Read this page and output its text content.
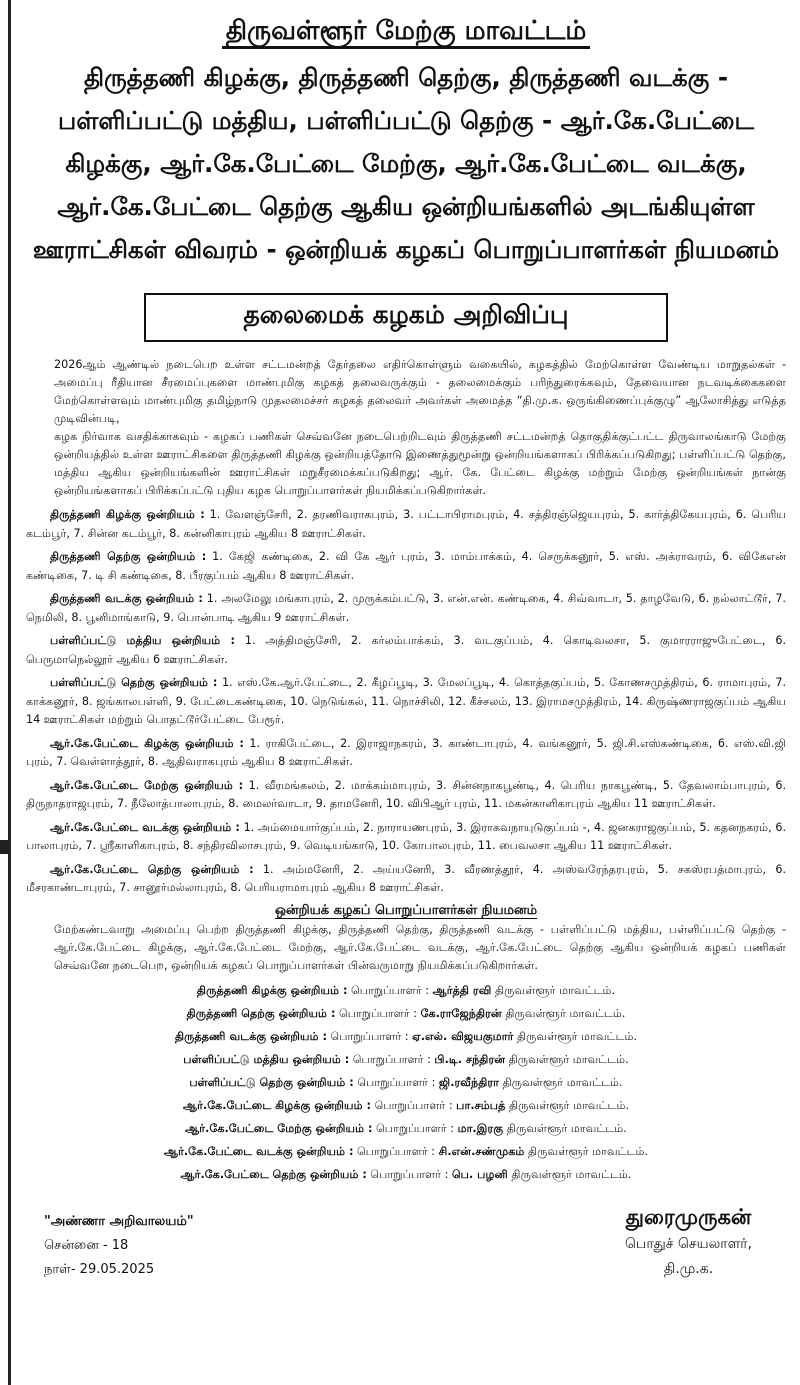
திருவள்ளூர் மேற்கு மாவட்டம்
திருத்தணி கிழக்கு, திருத்தணி தெற்கு, திருத்தணி வடக்கு -
பள்ளிப்பட்டு மத்திய, பள்ளிப்பட்டு தெற்கு - ஆர்.கே.பேட்டை
கிழக்கு, ஆர்.கே.பேட்டை மேற்கு, ஆர்.கே.பேட்டை வடக்கு,
ஆர்.கே.பேட்டை தெற்கு ஆகிய ஒன்றியங்களில் அடங்கியுள்ள
ஊராட்சிகள் விவரம் - ஒன்றியக் கழகப் பொறுப்பாளர்கள் நியமனம்
தலைமைக் கழகம் அறிவிப்பு
2026ஆம் ஆண்டில் நடைபெற உள்ள சட்டமன்றத் தேர்தலை எதிர்கொள்ளும் வகையில், கழகத்தில் மேற்கொள்ள வேண்டிய மாறுதல்கள் - அமைப்பு ரீதியான சீரமைப்புகளை மாண்புமிகு கழகத் தலைவருக்கும் - தலைமைக்கும் பரிந்துரைக்கவும், தேவையான நடவடிக்கைகளை மேற்கொள்ளவும் மாண்புமிகு தமிழ்நாடு முதலமைச்சர் கழகத் தலைவர் அவர்கள் அமைத்த “தி.மு.க. ஒருங்கிணைப்புக்குழு” ஆலோசித்து எடுத்த முடிவின்படி,
கழக நிர்வாக வசதிக்காகவும் - கழகப் பணிகள் செவ்வனே நடைபெற்றிடவும் திருத்தணி சட்டமன்றத் தொகுதிக்குட்பட்ட திருவாலங்காடு மேற்கு ஒன்றியத்தில் உள்ள ஊராட்சிகளை திருத்தணி கிழக்கு ஒன்றியத்தோடு இணைத்துமூன்று ஒன்றியங்களாகப் பிரிக்கப்படுகிறது; பள்ளிப்பட்டு தெற்கு, மத்திய ஆகிய ஒன்றியங்களின் ஊராட்சிகள் மறுசீரமைக்கப்படுகிறது; ஆர். கே. பேட்டை கிழக்கு மற்றும் மேற்கு ஒன்றியங்கள் நான்கு ஒன்றியங்களாகப் பிரிக்கப்பட்டு புதிய கழக பொறுப்பாளர்கள் நியமிக்கப்படுகிறார்கள்.

திருத்தணி கிழக்கு ஒன்றியம் : 1. வேளஞ்சேரி, 2. தரணிவராகபுரம், 3. பட்டாபிராமபுரம், 4. சத்திரஞ்ஜெயபுரம், 5. கார்த்திகேயபுரம், 6. பெரிய கடம்பூர், 7. சின்ன கடம்பூர், 8. கன்னிகாபுரம் ஆகிய 8 ஊராட்சிகள்.

திருத்தணி தெற்கு ஒன்றியம் : 1. கேஜி கண்டிகை, 2. வி கே ஆர் புரம், 3. மாம்பாக்கம், 4. செருக்கனூர், 5. எஸ். அக்ராவரம், 6. விகேஎன் கண்டிகை, 7. டி சி கண்டிகை, 8. பீரகுப்பம் ஆகிய 8 ஊராட்சிகள்.

திருத்தணி வடக்கு ஒன்றியம் : 1. அலமேலு மங்காபுரம், 2. முருக்கம்பட்டு, 3. என்.என். கண்டிகை, 4. சிவ்வாடா, 5. தாழவேடு, 6. நல்லாட்டூர், 7. நெமிலி, 8. பூனிமாங்காடு, 9. பொன்பாடி ஆகிய 9 ஊராட்சிகள்.

பள்ளிப்பட்டு மத்திய ஒன்றியம் : 1. அத்திமஞ்சேரி, 2. கர்லம்பாக்கம், 3. வடகுப்பம், 4. கொடிவலசா, 5. குமாரராஜுபேட்டை, 6. பெருமாநெல்லூர் ஆகிய 6 ஊராட்சிகள்.

பள்ளிப்பட்டு தெற்கு ஒன்றியம் : 1. எஸ்.கே.ஆர்.பேட்டை, 2. கீழப்பூடி, 3. மேலப்பூடி, 4. கொத்தகுப்பம், 5. கோணசமுத்திரம், 6. ராமாபுரம், 7. காக்கனூர், 8. ஜங்காலபள்ளி, 9. பேட்டைகண்டிகை, 10. நெடுங்கல், 11. நொச்சிலி, 12. கீச்சலம், 13. இராமசமுத்திரம், 14. கிருஷ்ணராஜகுப்பம் ஆகிய 14 ஊராட்சிகள் மற்றும் பொதட்டூர்பேட்டை பேரூர்.

ஆர்.கே.பேட்டை கிழக்கு ஒன்றியம் : 1. ராகிபேட்டை, 2. இராஜாநகரம், 3. காண்டாபுரம், 4. வங்கனூர், 5. ஜி.சி.எஸ்கண்டிகை, 6. எஸ்.வி.ஜி புரம், 7. வெள்ளாத்தூர், 8. ஆதிவராகபுரம் ஆகிய 8 ஊராட்சிகள்.

ஆர்.கே.பேட்டை மேற்கு ஒன்றியம் : 1. வீரமங்கலம், 2. மாக்கம்மாபுரம், 3. சின்னநாகபூண்டி, 4. பெரிய நாகபூண்டி, 5. தேவலாம்பாபுரம், 6. திருநாதராஜபுரம், 7. நீலோத்பாலாபுரம், 8. மைலர்வாடா, 9. தாமனேரி, 10. விபிஆர் புரம், 11. மகன்காளிகாபுரம் ஆகிய 11 ஊராட்சிகள்.

ஆர்.கே.பேட்டை வடக்கு ஒன்றியம் : 1. அம்மையார்குப்பம், 2. நாராயணபுரம், 3. இராகவநாயுடுகுப்பம் -, 4. ஜனகராஜகுப்பம், 5. கதனநகரம், 6. பாலாபுரம், 7. ஸ்ரீகாளிகாபுரம், 8. சந்திரவிலாசபுரம், 9. வெடியங்காடு, 10. கோபாலபுரம், 11. பைவலசா ஆகிய 11 ஊராட்சிகள்.

ஆர்.கே.பேட்டை தெற்கு ஒன்றியம் : 1. அம்மனேரி, 2. அய்யனேரி, 3. வீரணத்தூர், 4. அஸ்வரேந்தரபுரம், 5. சகஸ்ரபத்மாபுரம், 6. மீசரகாண்டாபுரம், 7. சானூர்மல்லாபுரம், 8. பெரியராமாபுரம் ஆகிய 8 ஊராட்சிகள்.

ஒன்றியக் கழகப் பொறுப்பாளர்கள் நியமனம்
மேற்கண்டவாறு அமைப்பு பெற்ற திருத்தணி கிழக்கு, திருத்தணி தெற்கு, திருத்தணி வடக்கு - பள்ளிப்பட்டு மத்திய, பள்ளிப்பட்டு தெற்கு - ஆர்.கே.பேட்டை கிழக்கு, ஆர்.கே.பேட்டை மேற்கு, ஆர்.கே.பேட்டை வடக்கு, ஆர்.கே.பேட்டை தெற்கு ஆகிய ஒன்றியக் கழகப் பணிகள் செவ்வனே நடைபெற, ஒன்றியக் கழகப் பொறுப்பாளர்கள் பின்வருமாறு நியமிக்கப்படுகிறார்கள்.
திருத்தணி கிழக்கு ஒன்றியம் : பொறுப்பாளர் : ஆர்த்தி ரவி திருவள்ளூர் மாவட்டம்.
திருத்தணி தெற்கு ஒன்றியம் : பொறுப்பாளர் : கே.ராஜேந்திரன் திருவள்ளூர் மாவட்டம்.
திருத்தணி வடக்கு ஒன்றியம் : பொறுப்பாளர் : ஏ.எல். விஜயகுமார் திருவள்ளூர் மாவட்டம்.
பள்ளிப்பட்டு மத்திய ஒன்றியம் : பொறுப்பாளர் : பி.டி. சந்திரன் திருவள்ளூர் மாவட்டம்.
பள்ளிப்பட்டு தெற்கு ஒன்றியம் : பொறுப்பாளர் : ஜி.ரவீந்திரா திருவள்ளூர் மாவட்டம்.
ஆர்.கே.பேட்டை கிழக்கு ஒன்றியம் : பொறுப்பாளர் : பா.சம்பத் திருவள்ளூர் மாவட்டம்.
ஆர்.கே.பேட்டை மேற்கு ஒன்றியம் : பொறுப்பாளர் : மா.இரகு திருவள்ளூர் மாவட்டம்.
ஆர்.கே.பேட்டை வடக்கு ஒன்றியம் : பொறுப்பாளர் : சி.என்.சண்முகம் திருவள்ளூர் மாவட்டம்.
ஆர்.கே.பேட்டை தெற்கு ஒன்றியம் : பொறுப்பாளர் : பெ. பழனி திருவள்ளூர் மாவட்டம்.
"அண்ணா அறிவாலயம்"
சென்னை - 18
நாள்- 29.05.2025
துரைமுருகன்
பொதுச் செயலாளர்,
தி.மு.க.
